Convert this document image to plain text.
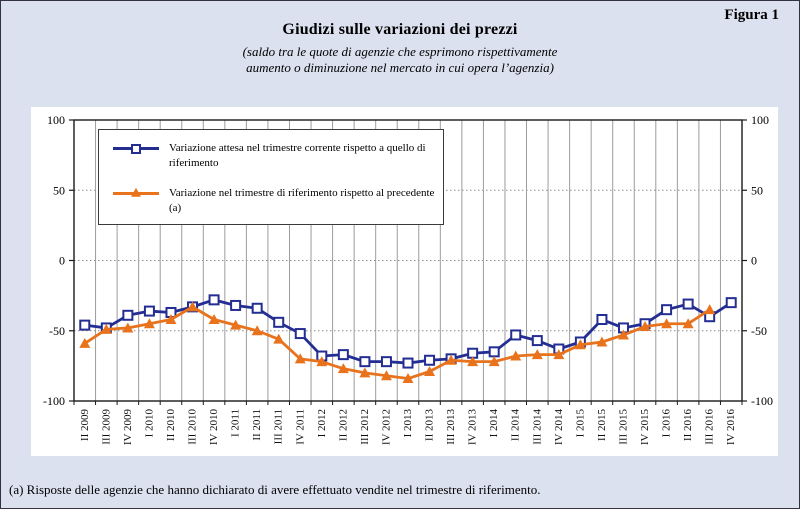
Figura 1
Giudizi sulle variazioni dei prezzi
(saldo tra le quote di agenzie che esprimono rispettivamente
aumento o diminuzione nel mercato in cui opera l’agenzia)
100	100
50	50
0	0
-50	-50
-100	-100
II 2009 III 2009 IV 2009 I 2010 II 2010 III 2010 IV 2010 I 2011 II 2011 III 2011 IV 2011 I 2012 II 2012 III 2012 IV 2012 I 2013 II 2013 III 2013 IV 2013 I 2014 II 2014 III 2014 IV 2014 I 2015 II 2015 III 2015 IV 2015 I 2016 II 2016 III 2016 IV 2016
Variazione attesa nel trimestre corrente rispetto a quello di riferimento
Variazione nel trimestre di riferimento rispetto al precedente (a)
(a) Risposte delle agenzie che hanno dichiarato di avere effettuato vendite nel trimestre di riferimento.
